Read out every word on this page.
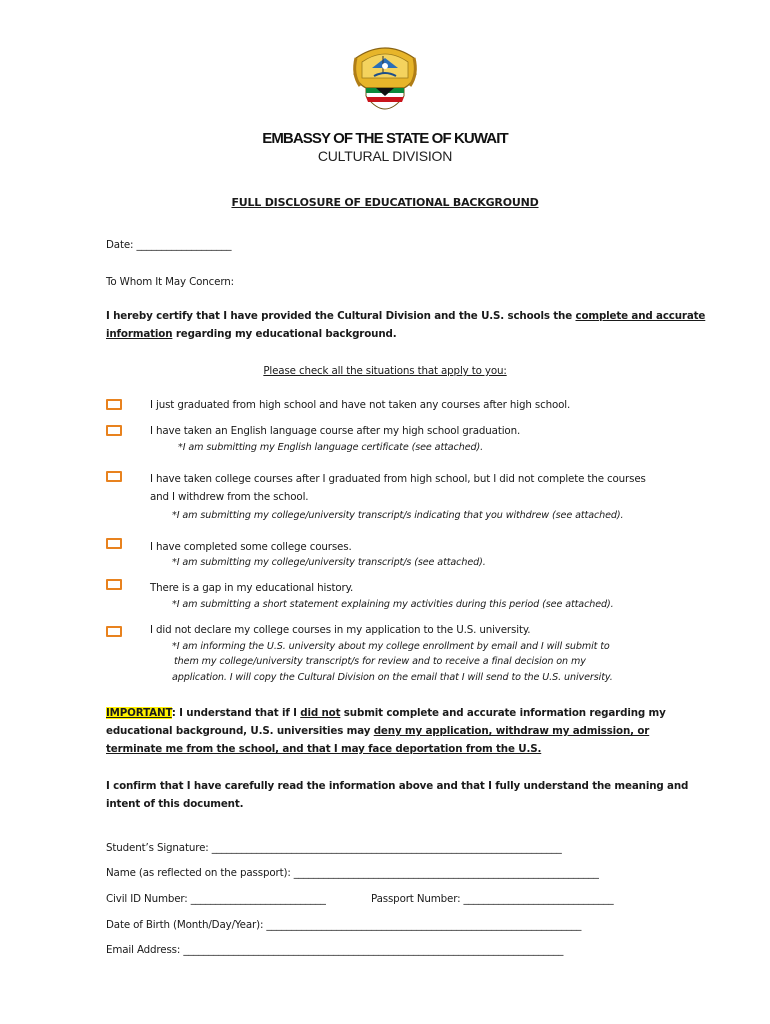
EMBASSY OF THE STATE OF KUWAIT
CULTURAL DIVISION
FULL DISCLOSURE OF EDUCATIONAL BACKGROUND
Date: ___________________
To Whom It May Concern:
I hereby certify that I have provided the Cultural Division and the U.S. schools the complete and accurate
information regarding my educational background.
Please check all the situations that apply to you:
I just graduated from high school and have not taken any courses after high school.
I have taken an English language course after my high school graduation.
*I am submitting my English language certificate (see attached).
I have taken college courses after I graduated from high school, but I did not complete the courses
and I withdrew from the school.
*I am submitting my college/university transcript/s indicating that you withdrew (see attached).
I have completed some college courses.
*I am submitting my college/university transcript/s (see attached).
There is a gap in my educational history.
*I am submitting a short statement explaining my activities during this period (see attached).
I did not declare my college courses in my application to the U.S. university.
*I am informing the U.S. university about my college enrollment by email and I will submit to
them my college/university transcript/s for review and to receive a final decision on my
application. I will copy the Cultural Division on the email that I will send to the U.S. university.
IMPORTANT: I understand that if I did not submit complete and accurate information regarding my
educational background, U.S. universities may deny my application, withdraw my admission, or
terminate me from the school, and that I may face deportation from the U.S.
I confirm that I have carefully read the information above and that I fully understand the meaning and
intent of this document.
Student’s Signature: ______________________________________________________________________
Name (as reflected on the passport): _____________________________________________________________
Civil ID Number: ___________________________	Passport Number: ______________________________
Date of Birth (Month/Day/Year): _______________________________________________________________
Email Address: ____________________________________________________________________________
